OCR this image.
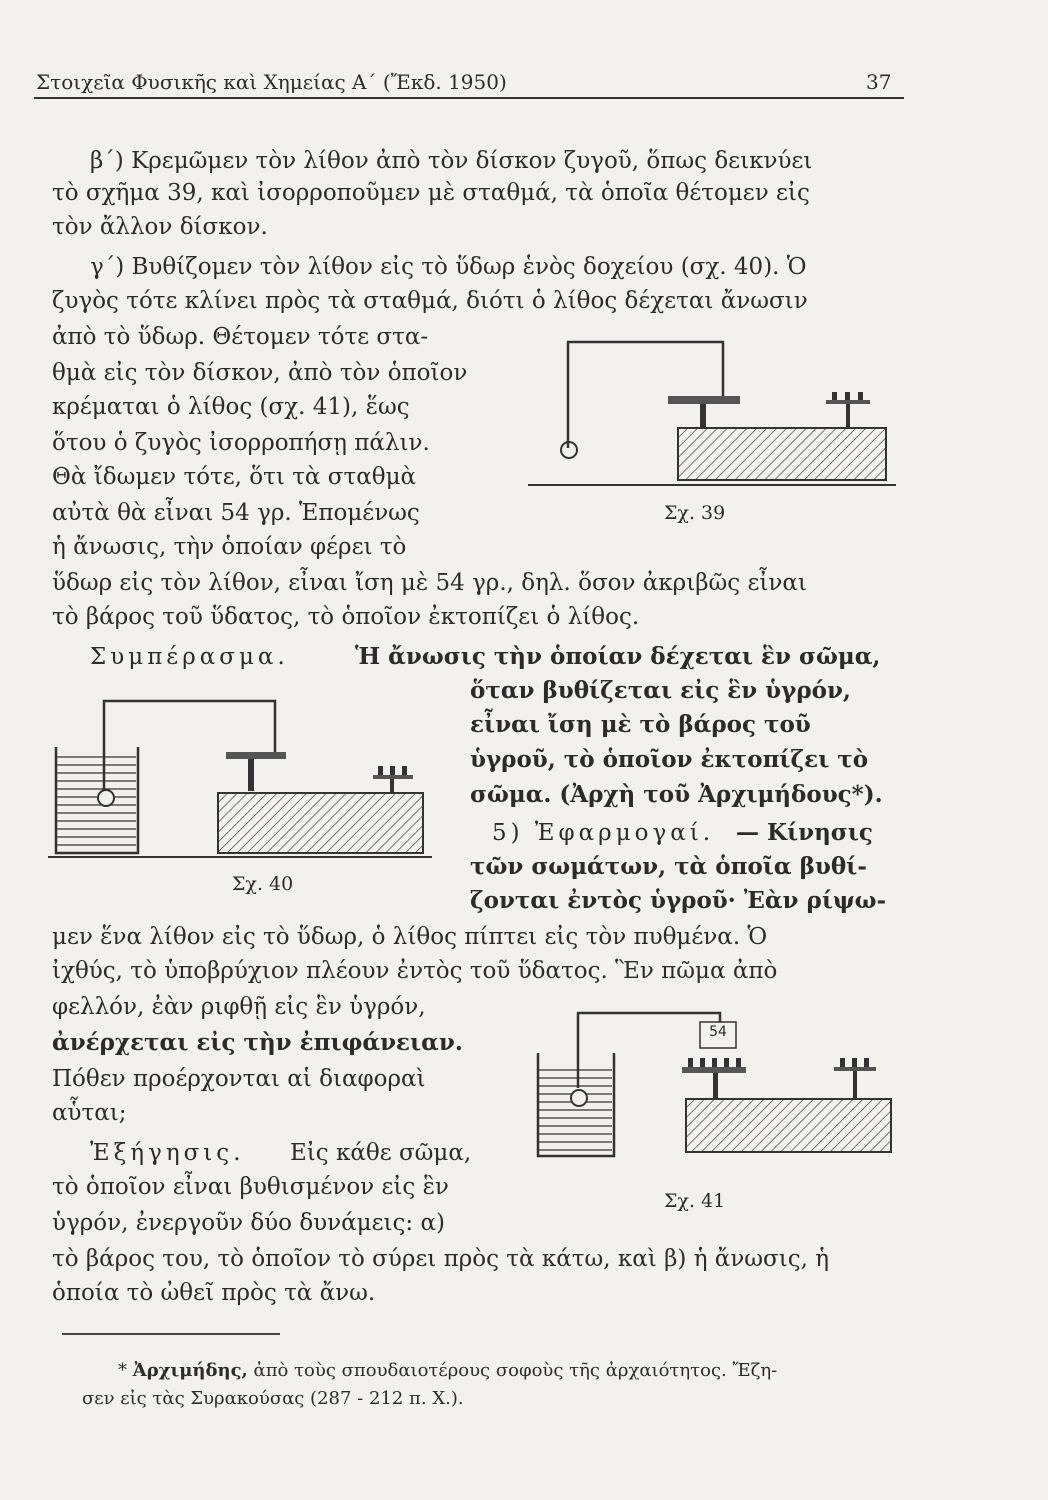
Στοιχεῖα Φυσικῆς καὶ Χημείας Α΄ (Ἔκδ. 1950)	37
β΄) Κρεμῶμεν τὸν λίθον ἀπὸ τὸν δίσκον ζυγοῦ, ὅπως δεικνύει
τὸ σχῆμα 39, καὶ ἰσορροποῦμεν μὲ σταθμά, τὰ ὁποῖα θέτομεν εἰς
τὸν ἄλλον δίσκον.
γ΄) Βυθίζομεν τὸν λίθον εἰς τὸ ὕδωρ ἑνὸς δοχείου (σχ. 40). Ὁ
ζυγὸς τότε κλίνει πρὸς τὰ σταθμά, διότι ὁ λίθος δέχεται ἄνωσιν
ἀπὸ τὸ ὕδωρ. Θέτομεν τότε στα-
θμὰ εἰς τὸν δίσκον, ἀπὸ τὸν ὁποῖον
κρέμαται ὁ λίθος (σχ. 41), ἕως
ὅτου ὁ ζυγὸς ἰσορροπήσῃ πάλιν.
Θὰ ἴδωμεν τότε, ὅτι τὰ σταθμὰ
αὐτὰ θὰ εἶναι 54 γρ. Ἑπομένως
ἡ ἄνωσις, τὴν ὁποίαν φέρει τὸ
ὕδωρ εἰς τὸν λίθον, εἶναι ἴση μὲ 54 γρ., δηλ. ὅσον ἀκριβῶς εἶναι
τὸ βάρος τοῦ ὕδατος, τὸ ὁποῖον ἐκτοπίζει ὁ λίθος.
Συμπέρασμα.	Ἡ ἄνωσις τὴν ὁποίαν δέχεται ἓν σῶμα,
ὅταν βυθίζεται εἰς ἓν ὑγρόν,
εἶναι ἴση μὲ τὸ βάρος τοῦ
ὑγροῦ, τὸ ὁποῖον ἐκτοπίζει τὸ
σῶμα. (Ἀρχὴ τοῦ Ἀρχιμήδους*).
5) Ἐφαρμογαί. — Κίνησις
τῶν σωμάτων, τὰ ὁποῖα βυθί-
ζονται ἐντὸς ὑγροῦ· Ἐὰν ρίψω-
μεν ἕνα λίθον εἰς τὸ ὕδωρ, ὁ λίθος πίπτει εἰς τὸν πυθμένα. Ὁ
ἰχθύς, τὸ ὑποβρύχιον πλέουν ἐντὸς τοῦ ὕδατος. Ἓν πῶμα ἀπὸ
φελλόν, ἐὰν ριφθῇ εἰς ἓν ὑγρόν,
ἀνέρχεται εἰς τὴν ἐπιφάνειαν.
Πόθεν προέρχονται αἱ διαφοραὶ
αὗται;
Ἐξήγησις. Εἰς κάθε σῶμα,
τὸ ὁποῖον εἶναι βυθισμένον εἰς ἓν
ὑγρόν, ἐνεργοῦν δύο δυνάμεις: α)
τὸ βάρος του, τὸ ὁποῖον τὸ σύρει πρὸς τὰ κάτω, καὶ β) ἡ ἄνωσις, ἡ
ὁποία τὸ ὠθεῖ πρὸς τὰ ἄνω.
Σχ. 39
Σχ. 40
54
Σχ. 41
* Ἀρχιμήδης, ἀπὸ τοὺς σπουδαιοτέρους σοφοὺς τῆς ἀρχαιότητος. Ἔζη-
σεν εἰς τὰς Συρακούσας (287 - 212 π. Χ.).
